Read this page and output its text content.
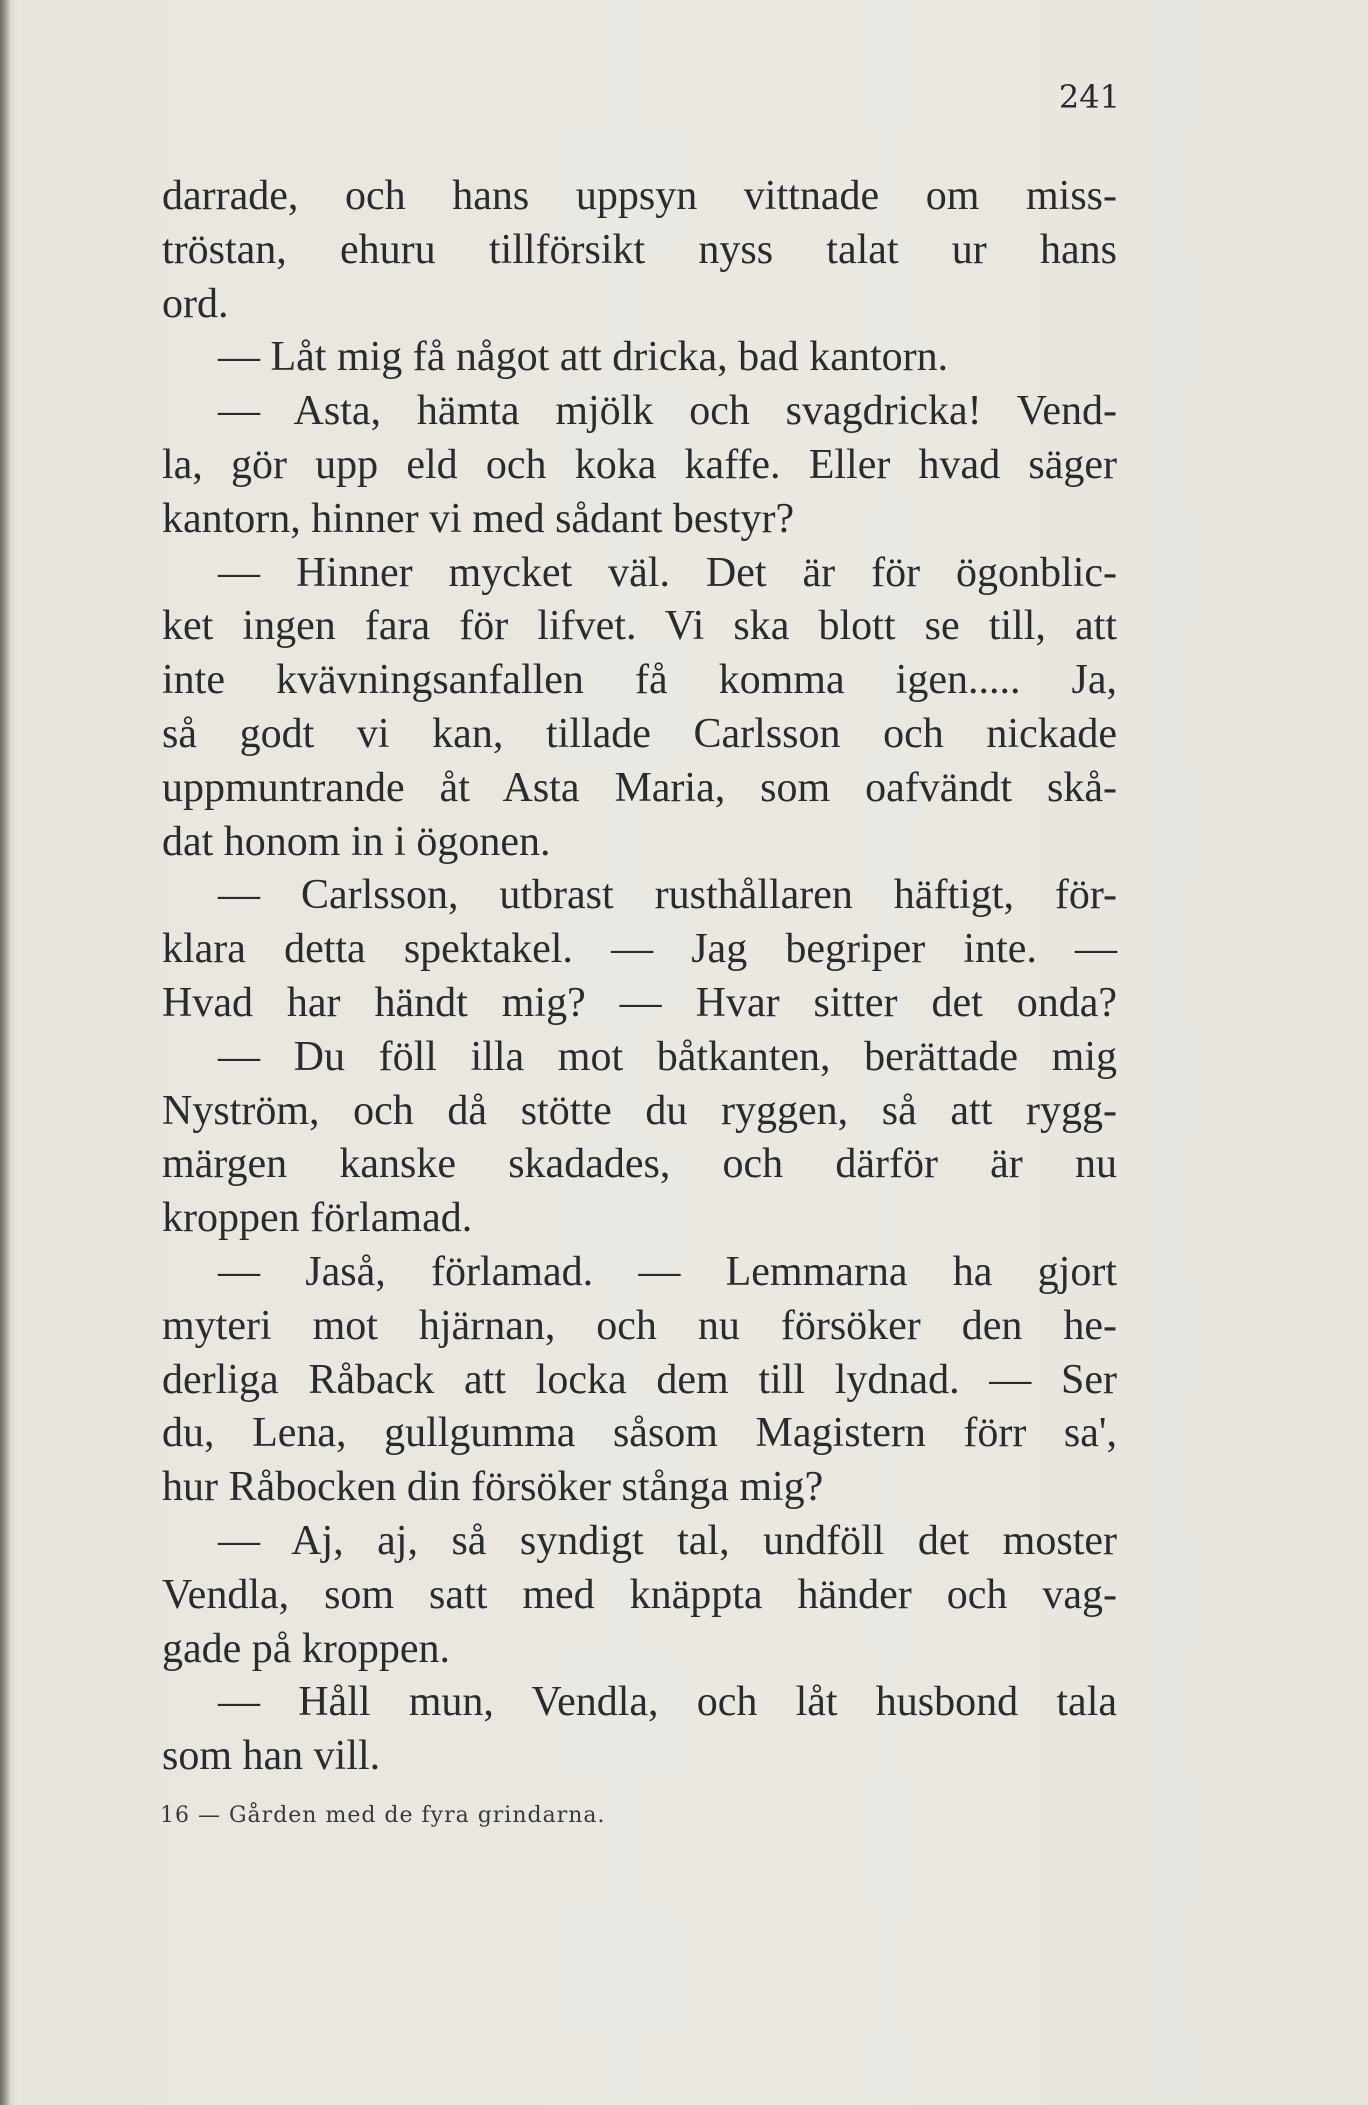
241

darrade, och hans uppsyn vittnade om miss-
tröstan, ehuru tillförsikt nyss talat ur hans
ord.
— Låt mig få något att dricka, bad kantorn.
— Asta, hämta mjölk och svagdricka! Vend-
la, gör upp eld och koka kaffe. Eller hvad säger
kantorn, hinner vi med sådant bestyr?
— Hinner mycket väl. Det är för ögonblic-
ket ingen fara för lifvet. Vi ska blott se till, att
inte kvävningsanfallen få komma igen..... Ja,
så godt vi kan, tillade Carlsson och nickade
uppmuntrande åt Asta Maria, som oafvändt skå-
dat honom in i ögonen.
— Carlsson, utbrast rusthållaren häftigt, för-
klara detta spektakel. — Jag begriper inte. —
Hvad har händt mig? — Hvar sitter det onda?
— Du föll illa mot båtkanten, berättade mig
Nyström, och då stötte du ryggen, så att rygg-
märgen kanske skadades, och därför är nu
kroppen förlamad.
— Jaså, förlamad. — Lemmarna ha gjort
myteri mot hjärnan, och nu försöker den he-
derliga Råback att locka dem till lydnad. — Ser
du, Lena, gullgumma såsom Magistern förr sa',
hur Råbocken din försöker stånga mig?
— Aj, aj, så syndigt tal, undföll det moster
Vendla, som satt med knäppta händer och vag-
gade på kroppen.
— Håll mun, Vendla, och låt husbond tala
som han vill.

16 — Gården med de fyra grindarna.
